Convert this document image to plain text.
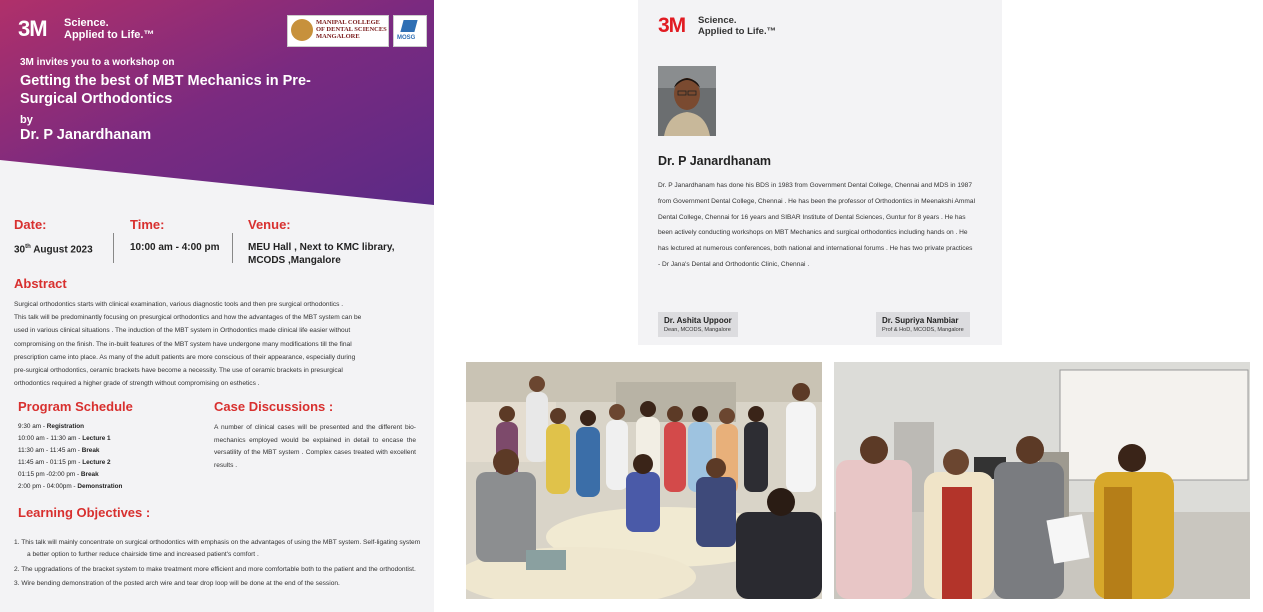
3M Science.
Applied to Life.™
MANIPAL COLLEGE OF DENTAL SCIENCES MANGALORE	MOSG
3M invites you to a workshop on
Getting the best of MBT Mechanics in Pre- Surgical Orthodontics
by
Dr. P Janardhanam
Date:
30th August 2023
Time:
10:00 am - 4:00 pm
Venue:
MEU Hall , Next to KMC library,
MCODS ,Mangalore
Abstract
Surgical orthodontics starts with clinical examination, various diagnostic tools and then pre surgical orthodontics .
This talk will be predominantly focusing on presurgical orthodontics and how the advantages of the MBT system can be
used in various clinical situations . The induction of the MBT system in Orthodontics made clinical life easier without
compromising on the finish. The in-built features of the MBT system have undergone many modifications till the final
prescription came into place. As many of the adult patients are more conscious of their appearance, especially during
pre-surgical orthodontics, ceramic brackets have become a necessity. The use of ceramic brackets in presurgical
orthodontics required a higher grade of strength without compromising on esthetics .
Program Schedule
9:30 am - Registration
10:00 am - 11:30 am - Lecture 1
11:30 am - 11:45 am - Break
11:45 am - 01:15 pm - Lecture 2
01:15 pm -02:00 pm - Break
2:00 pm - 04:00pm - Demonstration
Case Discussions :
A number of clinical cases will be presented and the different bio-mechanics employed would be explained in detail to encase the versatility of the MBT system . Complex cases treated with excellent results .
Learning Objectives :
1. This talk will mainly concentrate on surgical orthodontics with emphasis on the advantages of using the MBT system. Self-ligating system a better option to further reduce chairside time and increased patient's comfort .
2. The upgradations of the bracket system to make treatment more efficient and more comfortable both to the patient and the orthodontist.
3. Wire bending demonstration of the posted arch wire and tear drop loop will be done at the end of the session.
3M Science.
Applied to Life.™
Dr. P Janardhanam
Dr. P Janardhanam has done his BDS in 1983 from Government Dental College, Chennai and MDS in 1987 from Government Dental College, Chennai . He has been the professor of Orthodontics in Meenakshi Ammal Dental College, Chennai for 16 years and SIBAR Institute of Dental Sciences, Guntur for 8 years . He has been actively conducting workshops on MBT Mechanics and surgical orthodontics including hands on . He has lectured at numerous conferences, both national and international forums . He has two private practices - Dr Jana's Dental and Orthodontic Clinic, Chennai .
Dr. Ashita Uppoor
Dean, MCODS, Mangalore
Dr. Supriya Nambiar
Prof & HoD, MCODS, Mangalore
